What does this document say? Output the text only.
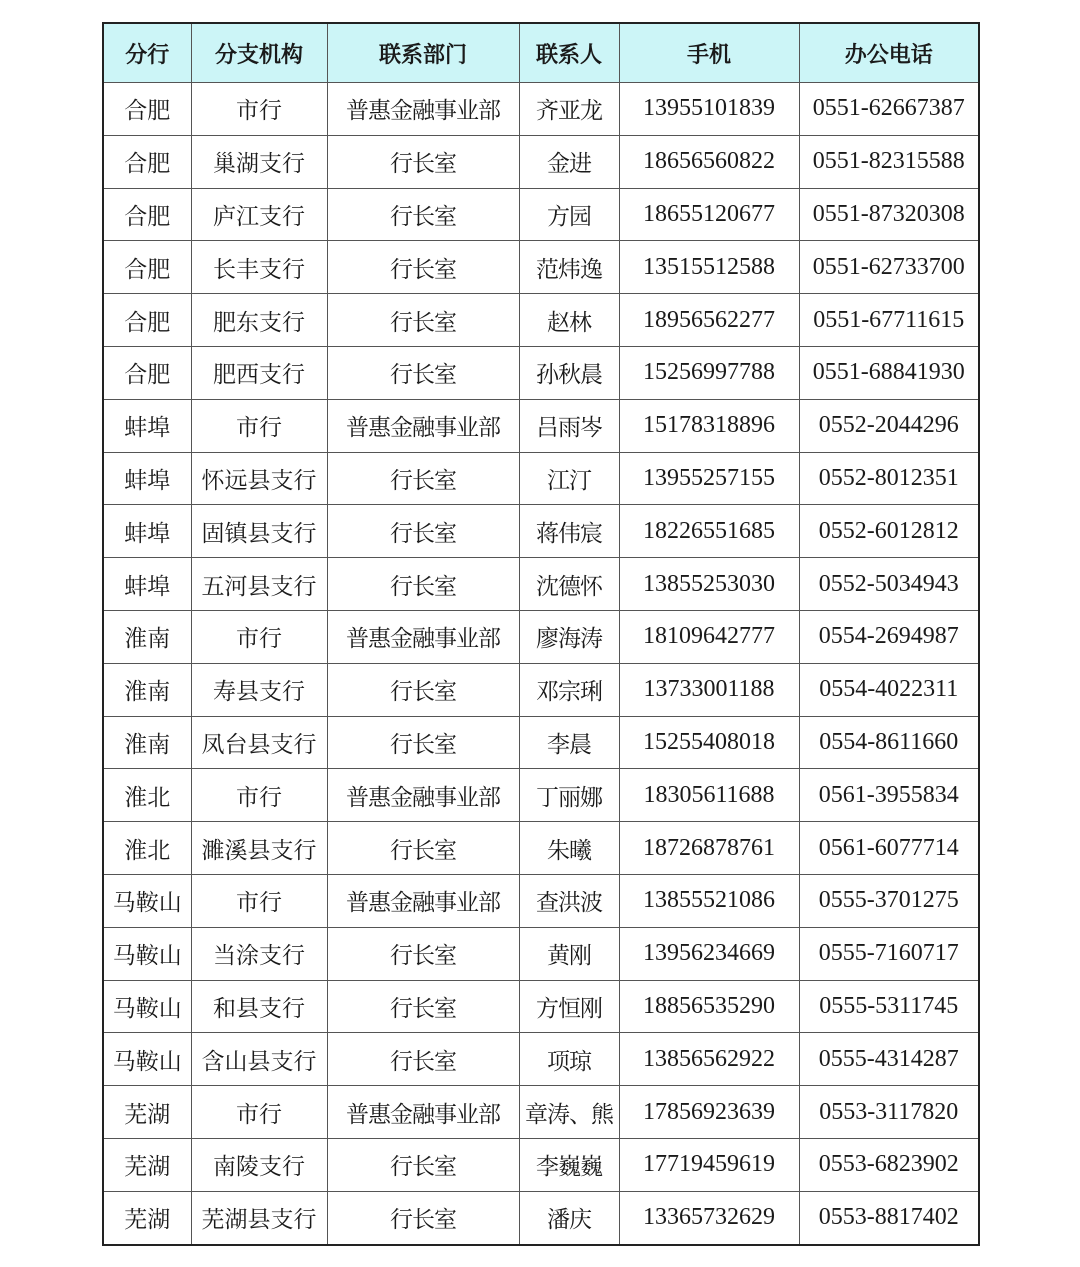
分行	分支机构	联系部门	联系人	手机	办公电话
合肥	市行	普惠金融事业部	齐亚龙	13955101839	0551-62667387
合肥	巢湖支行	行长室	金进	18656560822	0551-82315588
合肥	庐江支行	行长室	方园	18655120677	0551-87320308
合肥	长丰支行	行长室	范炜逸	13515512588	0551-62733700
合肥	肥东支行	行长室	赵林	18956562277	0551-67711615
合肥	肥西支行	行长室	孙秋晨	15256997788	0551-68841930
蚌埠	市行	普惠金融事业部	吕雨岑	15178318896	0552-2044296
蚌埠	怀远县支行	行长室	江汀	13955257155	0552-8012351
蚌埠	固镇县支行	行长室	蒋伟宸	18226551685	0552-6012812
蚌埠	五河县支行	行长室	沈德怀	13855253030	0552-5034943
淮南	市行	普惠金融事业部	廖海涛	18109642777	0554-2694987
淮南	寿县支行	行长室	邓宗琍	13733001188	0554-4022311
淮南	凤台县支行	行长室	李晨	15255408018	0554-8611660
淮北	市行	普惠金融事业部	丁丽娜	18305611688	0561-3955834
淮北	濉溪县支行	行长室	朱曦	18726878761	0561-6077714
马鞍山	市行	普惠金融事业部	查洪波	13855521086	0555-3701275
马鞍山	当涂支行	行长室	黄刚	13956234669	0555-7160717
马鞍山	和县支行	行长室	方恒刚	18856535290	0555-5311745
马鞍山	含山县支行	行长室	项琼	13856562922	0555-4314287
芜湖	市行	普惠金融事业部	章涛、熊	17856923639	0553-3117820
芜湖	南陵支行	行长室	李巍巍	17719459619	0553-6823902
芜湖	芜湖县支行	行长室	潘庆	13365732629	0553-8817402
